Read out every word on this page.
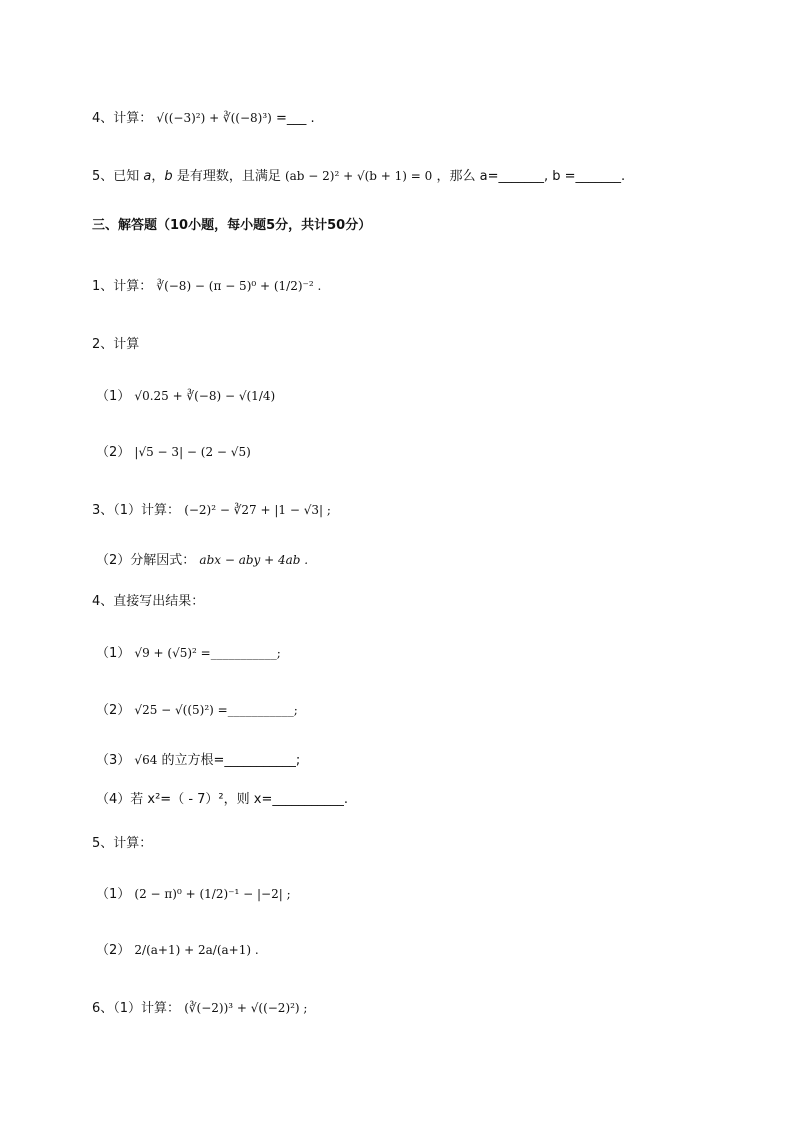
4、计算： √((−3)²) + ∛((−8)³) =___ .
5、已知 a，b 是有理数，且满足 (ab − 2)² + √(b + 1) = 0 ，那么 a=_______, b =_______.
三、解答题（10小题，每小题5分，共计50分）
1、计算： ∛(−8) − (π − 5)⁰ + (1/2)⁻² .
2、计算
（1） √0.25 + ∛(−8) − √(1/4)
（2） |√5 − 3| − (2 − √5)
3、（1）计算： (−2)² − ∛27 + |1 − √3| ;
（2）分解因式： abx − aby + 4ab .
4、直接写出结果：
（1） √9 + (√5)² =___________;
（2） √25 − √((5)²) =___________;
（3） √64 的立方根=___________;
（4）若 x²=（ - 7）²，则 x=___________.
5、计算：
（1） (2 − π)⁰ + (1/2)⁻¹ − |−2| ;
（2） 2/(a+1) + 2a/(a+1) .
6、（1）计算： (∛(−2))³ + √((−2)²) ;
